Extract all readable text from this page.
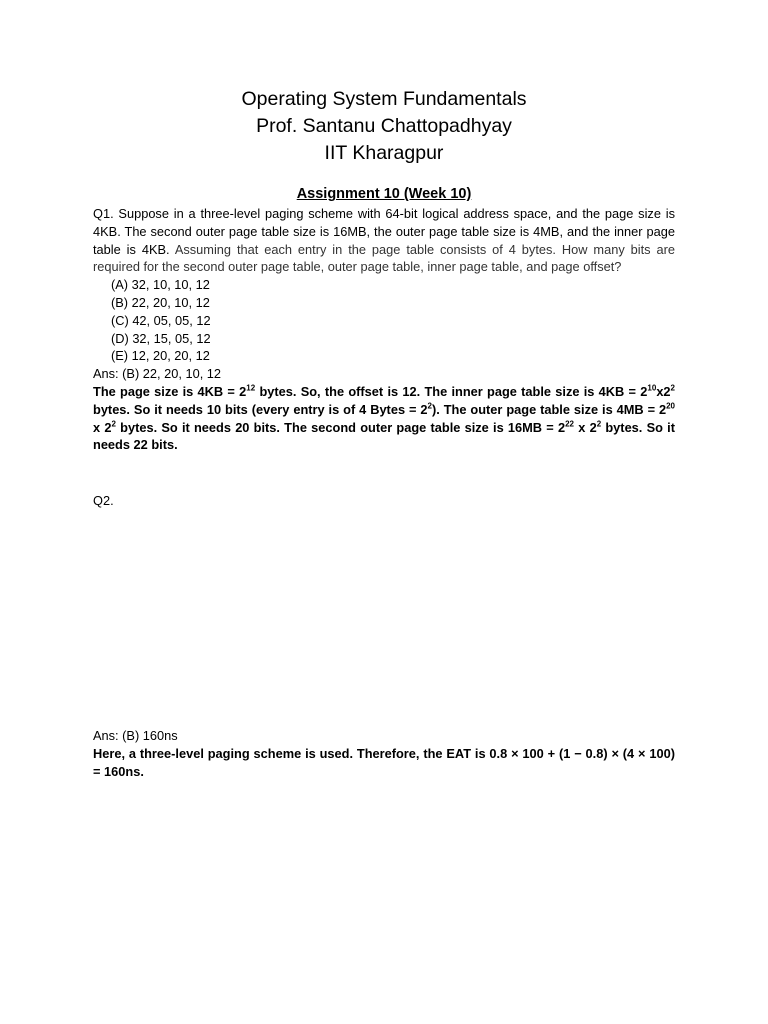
Operating System Fundamentals
Prof. Santanu Chattopadhyay
IIT Kharagpur
Assignment 10 (Week 10)
Q1. Suppose in a three-level paging scheme with 64-bit logical address space, and the page size is 4KB. The second outer page table size is 16MB, the outer page table size is 4MB, and the inner page table is 4KB. Assuming that each entry in the page table consists of 4 bytes. How many bits are required for the second outer page table, outer page table, inner page table, and page offset?
(A) 32, 10, 10, 12
(B) 22, 20, 10, 12
(C) 42, 05, 05, 12
(D) 32, 15, 05, 12
(E) 12, 20, 20, 12
Ans: (B) 22, 20, 10, 12
The page size is $4KB = 2^{12}$ bytes. So, the offset is 12. The inner page table size is $4KB = 2^{10}x2^2$ bytes. So it needs 10 bits (every entry is of 4 Bytes = $2^2$). The outer page table size is $4MB = 2^{20}$ x $2^2$ bytes. So it needs 20 bits. The second outer page table size is $16MB = 2^{22}$ x $2^2$ bytes. So it needs 22 bits.
Q2.
Ans: (B) 160ns
Here, a three-level paging scheme is used. Therefore, the EAT is 0.8 × 100 + (1 − 0.8) × (4 × 100) = 160ns.
